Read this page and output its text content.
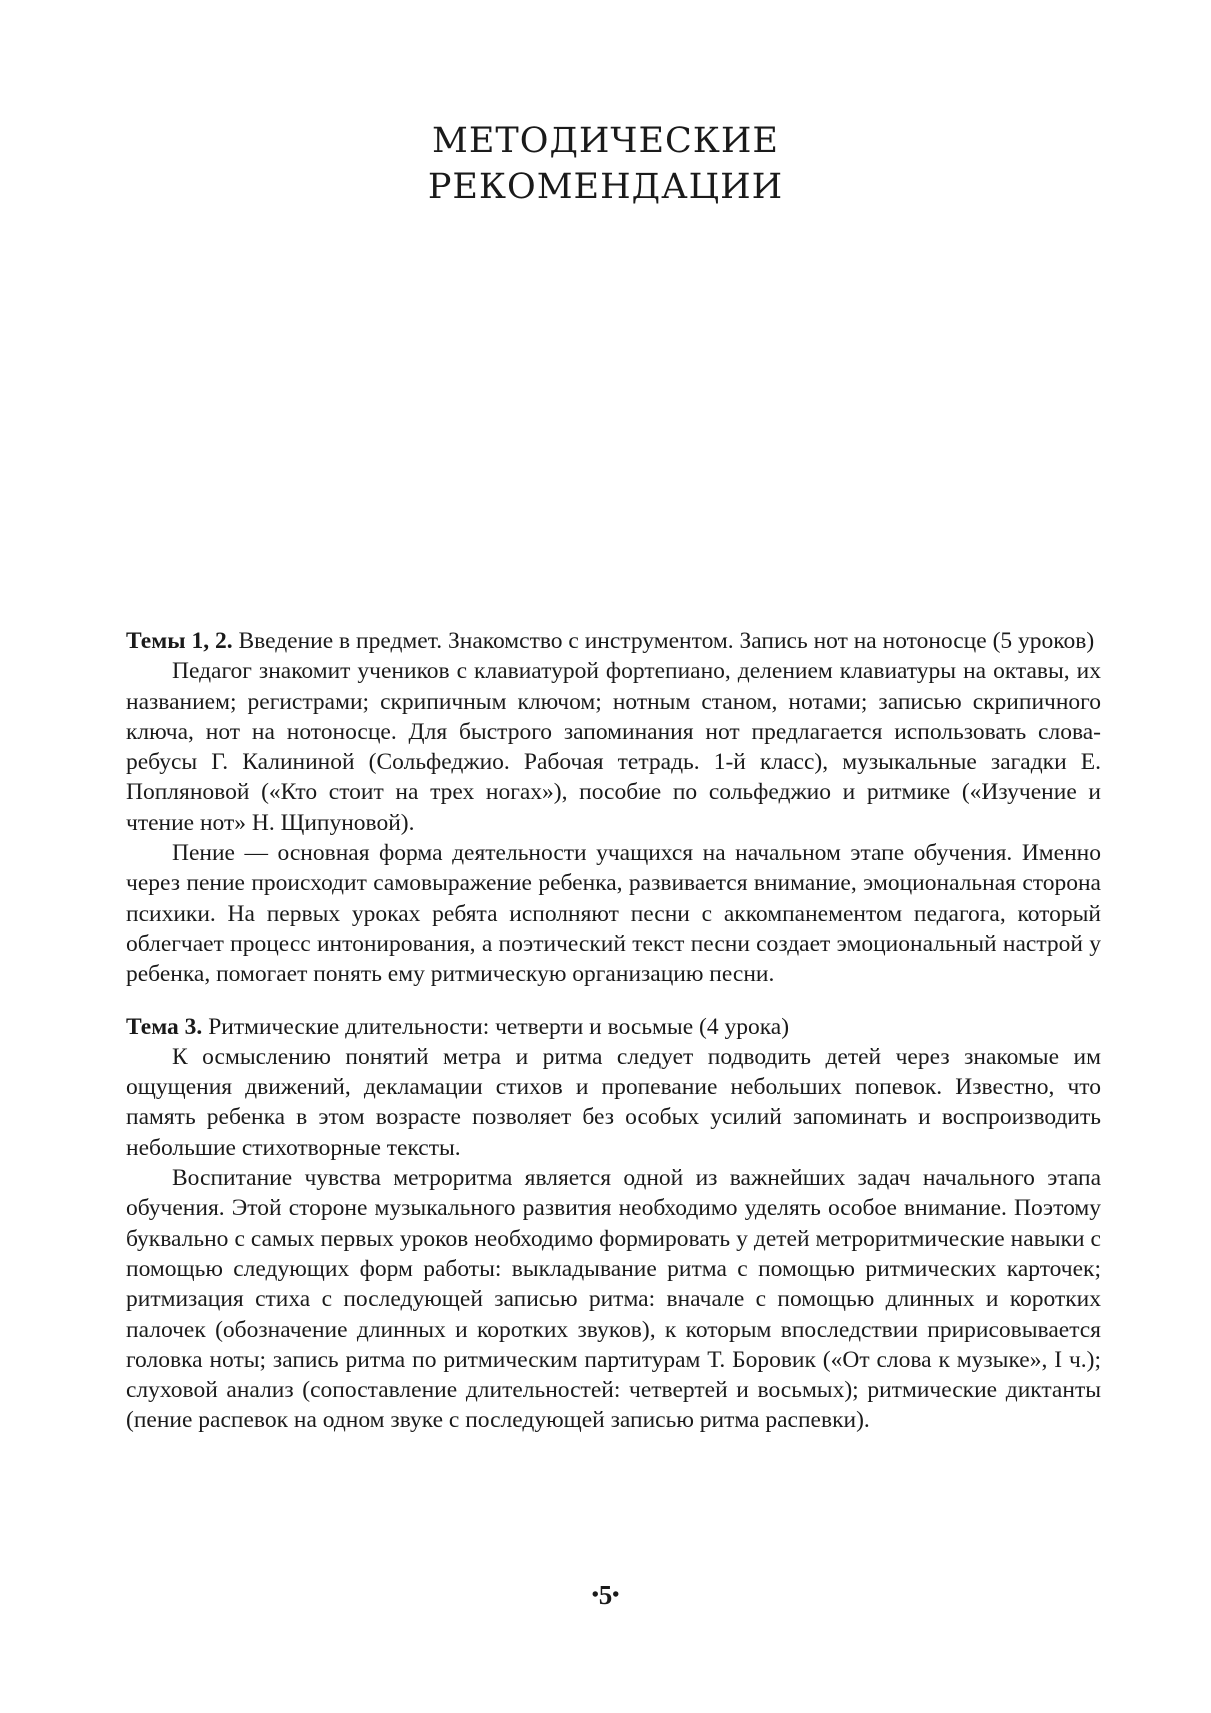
МЕТОДИЧЕСКИЕ
РЕКОМЕНДАЦИИ

Темы 1, 2. Введение в предмет. Знакомство с инструментом. Запись нот на нотоносце (5 уроков)

Педагог знакомит учеников с клавиатурой фортепиано, делением клавиатуры на октавы, их названием; регистрами; скрипичным ключом; нотным станом, нотами; записью скрипичного ключа, нот на нотоносце. Для быстрого запоминания нот предлагается использовать слова-ребусы Г. Калининой (Сольфеджио. Рабочая тетрадь. 1-й класс), музыкальные загадки Е. Попляновой («Кто стоит на трех ногах»), пособие по сольфеджио и ритмике («Изучение и чтение нот» Н. Щипуновой).

Пение — основная форма деятельности учащихся на начальном этапе обучения. Именно через пение происходит самовыражение ребенка, развивается внимание, эмоциональная сторона психики. На первых уроках ребята исполняют песни с аккомпанементом педагога, который облегчает процесс интонирования, а поэтический текст песни создает эмоциональный настрой у ребенка, помогает понять ему ритмическую организацию песни.

Тема 3. Ритмические длительности: четверти и восьмые (4 урока)

К осмыслению понятий метра и ритма следует подводить детей через знакомые им ощущения движений, декламации стихов и пропевание небольших попевок. Известно, что память ребенка в этом возрасте позволяет без особых усилий запоминать и воспроизводить небольшие стихотворные тексты.

Воспитание чувства метроритма является одной из важнейших задач начального этапа обучения. Этой стороне музыкального развития необходимо уделять особое внимание. Поэтому буквально с самых первых уроков необходимо формировать у детей метроритмические навыки с помощью следующих форм работы: выкладывание ритма с помощью ритмических карточек; ритмизация стиха с последующей записью ритма: вначале с помощью длинных и коротких палочек (обозначение длинных и коротких звуков), к которым впоследствии пририсовывается головка ноты; запись ритма по ритмическим партитурам Т. Боровик («От слова к музыке», I ч.); слуховой анализ (сопоставление длительностей: четвертей и восьмых); ритмические диктанты (пение распевок на одном звуке с последующей записью ритма распевки).

•5•
